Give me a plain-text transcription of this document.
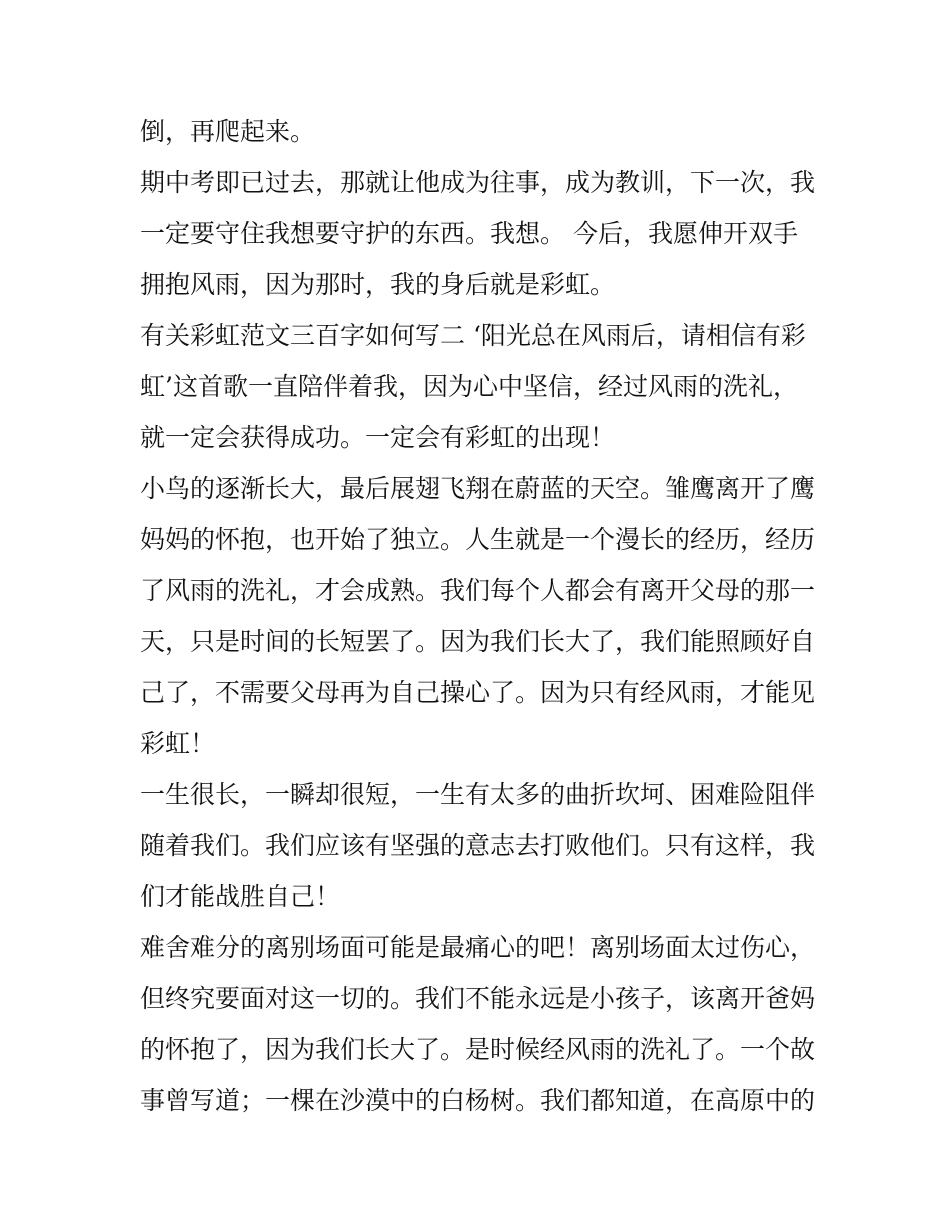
倒，再爬起来。
期中考即已过去，那就让他成为往事，成为教训，下一次，我
一定要守住我想要守护的东西。我想。 今后，我愿伸开双手
拥抱风雨，因为那时，我的身后就是彩虹。
有关彩虹范文三百字如何写二 ‘阳光总在风雨后，请相信有彩
虹’这首歌一直陪伴着我，因为心中坚信，经过风雨的洗礼，
就一定会获得成功。一定会有彩虹的出现！
小鸟的逐渐长大，最后展翅飞翔在蔚蓝的天空。雏鹰离开了鹰
妈妈的怀抱，也开始了独立。人生就是一个漫长的经历，经历
了风雨的洗礼，才会成熟。我们每个人都会有离开父母的那一
天，只是时间的长短罢了。因为我们长大了，我们能照顾好自
己了，不需要父母再为自己操心了。因为只有经风雨，才能见
彩虹！
一生很长，一瞬却很短，一生有太多的曲折坎坷、困难险阻伴
随着我们。我们应该有坚强的意志去打败他们。只有这样，我
们才能战胜自己！
难舍难分的离别场面可能是最痛心的吧！离别场面太过伤心，
但终究要面对这一切的。我们不能永远是小孩子，该离开爸妈
的怀抱了，因为我们长大了。是时候经风雨的洗礼了。一个故
事曾写道；一棵在沙漠中的白杨树。我们都知道，在高原中的
